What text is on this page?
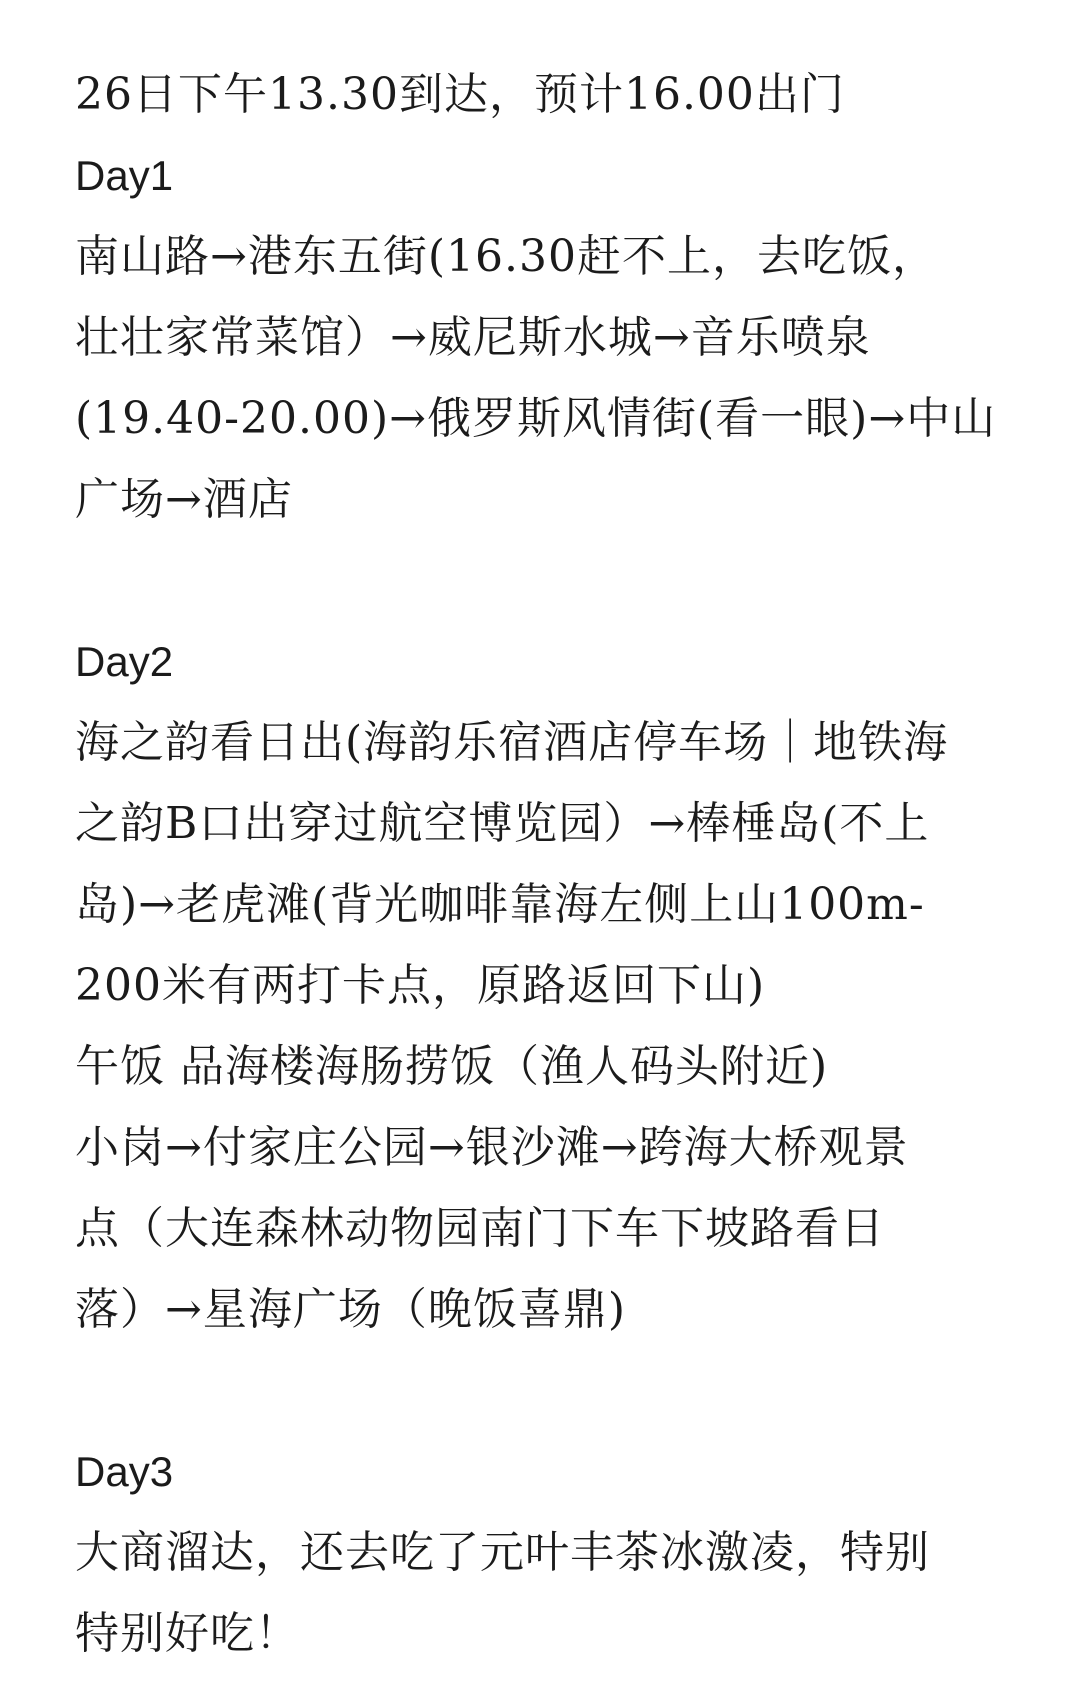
26日下午13.30到达，预计16.00出门
Day1
南山路→港东五街(16.30赶不上，去吃饭，
壮壮家常菜馆）→威尼斯水城→音乐喷泉
(19.40-20.00)→俄罗斯风情街(看一眼)→中山
广场→酒店
Day2
海之韵看日出(海韵乐宿酒店停车场｜地铁海
之韵B口出穿过航空博览园）→棒棰岛(不上
岛)→老虎滩(背光咖啡靠海左侧上山100m-
200米有两打卡点，原路返回下山)
午饭 品海楼海肠捞饭（渔人码头附近)
小岗→付家庄公园→银沙滩→跨海大桥观景
点（大连森林动物园南门下车下坡路看日
落）→星海广场（晚饭喜鼎)
Day3
大商溜达，还去吃了元叶丰茶冰激凌，特别
特别好吃！
